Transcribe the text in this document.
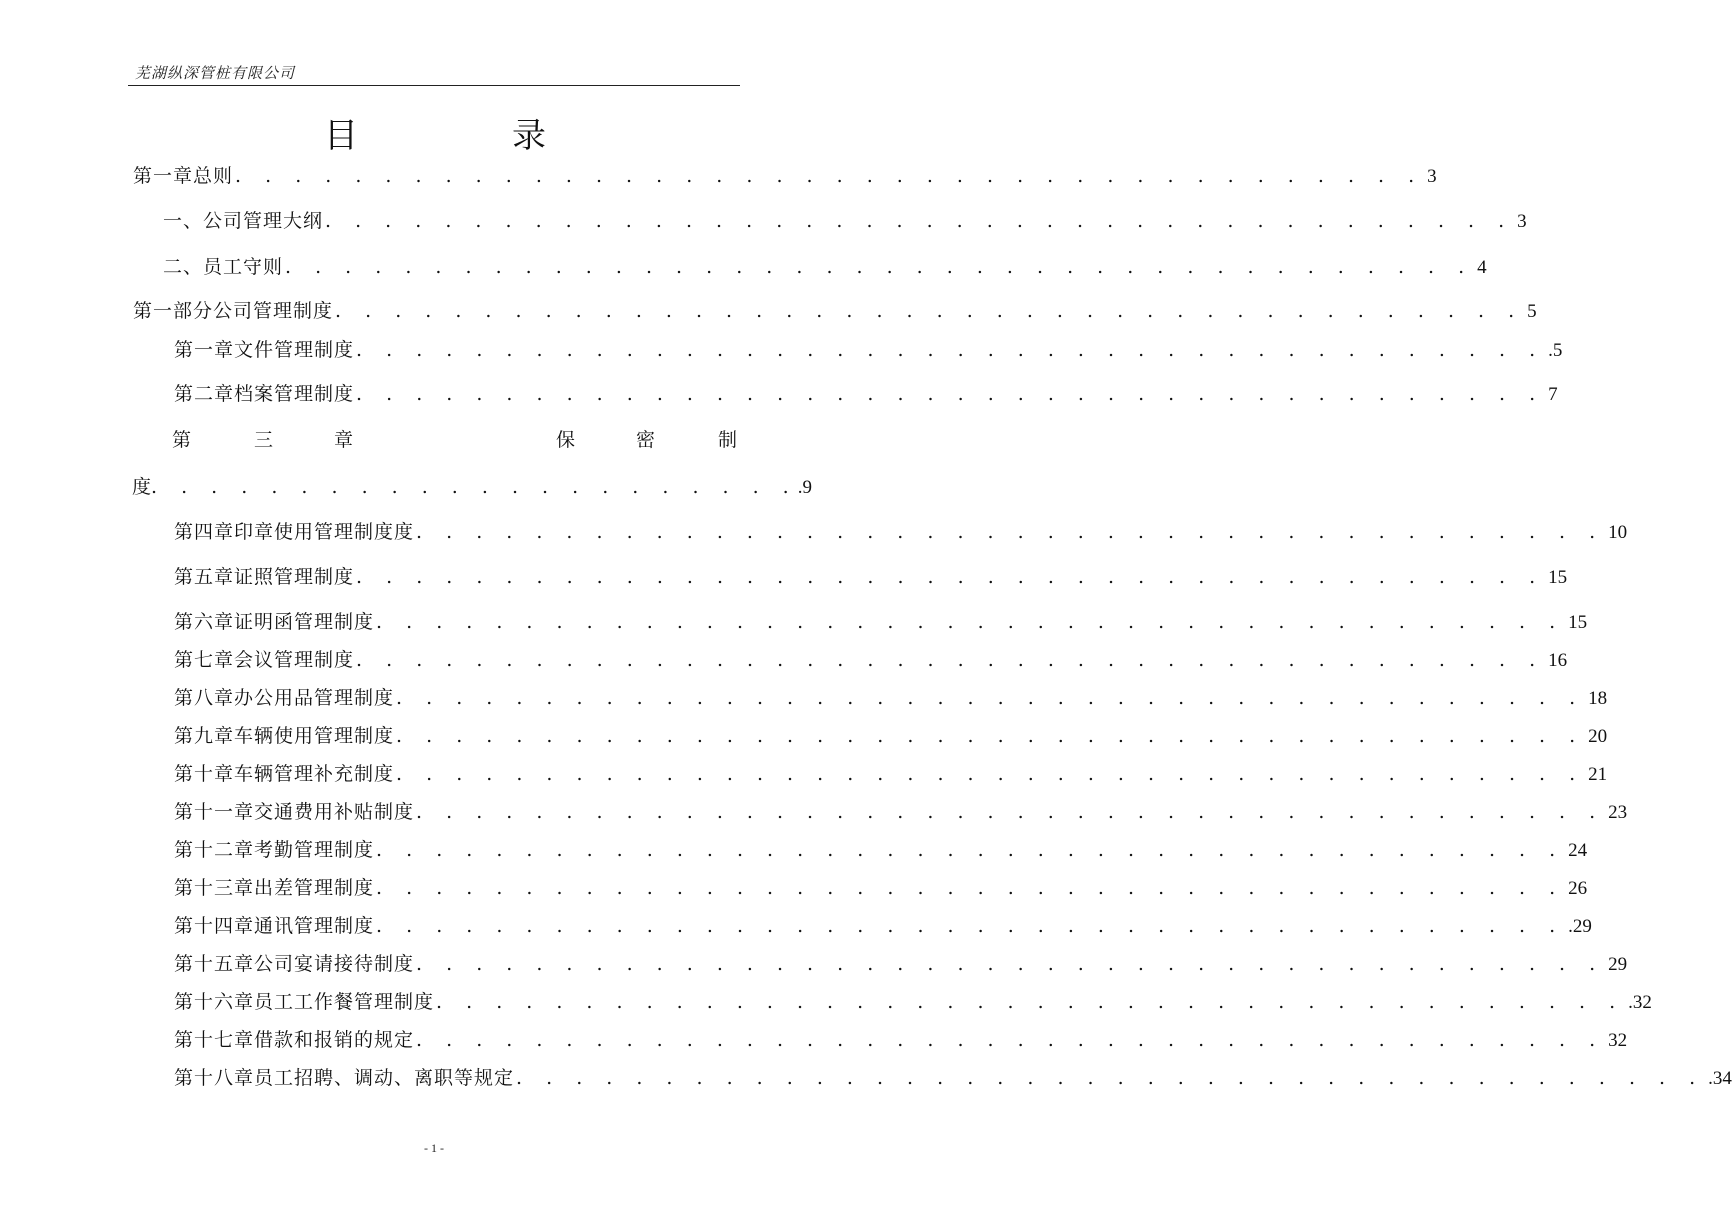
芜湖纵深管桩有限公司
目	录
第一章 总则 . . . . . . . . . . . . . . . . . . . . . . . . . . . . . . . . . . . . . . . . 3
一、公司管理大纲 . . . . . . . . . . . . . . . . . . . . . . . . . . . . . . . . . . . . . . . . 3
二、员工守则 . . . . . . . . . . . . . . . . . . . . . . . . . . . . . . . . . . . . . . . . 4
第一部分 公司管理制度 . . . . . . . . . . . . . . . . . . . . . . . . . . . . . . . . . . . . . . . . 5
第一章 文件管理制度 . . . . . . . . . . . . . . . . . . . . . . . . . . . . . . . . . . . . . . . . .5
第二章 档案管理制度 . . . . . . . . . . . . . . . . . . . . . . . . . . . . . . . . . . . . . . . . 7
第	三	章	保	密	制
度. . . . . . . . . . . . . . . . . . . . . ..9
第四章 印章使用管理制度度 . . . . . . . . . . . . . . . . . . . . . . . . . . . . . . . . . . . . . . . . 10
第五章 证照管理制度 . . . . . . . . . . . . . . . . . . . . . . . . . . . . . . . . . . . . . . . . 15
第六章 证明函管理制度 . . . . . . . . . . . . . . . . . . . . . . . . . . . . . . . . . . . . . . . . 15
第七章 会议管理制度 . . . . . . . . . . . . . . . . . . . . . . . . . . . . . . . . . . . . . . . . 16
第八章 办公用品管理制度 . . . . . . . . . . . . . . . . . . . . . . . . . . . . . . . . . . . . . . . . 18
第九章 车辆使用管理制度 . . . . . . . . . . . . . . . . . . . . . . . . . . . . . . . . . . . . . . . . 20
第十章 车辆管理补充制度 . . . . . . . . . . . . . . . . . . . . . . . . . . . . . . . . . . . . . . . . 21
第十一章 交通费用补贴制度 . . . . . . . . . . . . . . . . . . . . . . . . . . . . . . . . . . . . . . . . 23
第十二章 考勤管理制度 . . . . . . . . . . . . . . . . . . . . . . . . . . . . . . . . . . . . . . . . 24
第十三章 出差管理制度 . . . . . . . . . . . . . . . . . . . . . . . . . . . . . . . . . . . . . . . . 26
第十四章 通讯管理制度 . . . . . . . . . . . . . . . . . . . . . . . . . . . . . . . . . . . . . . . . .29
第十五章 公司宴请接待制度 . . . . . . . . . . . . . . . . . . . . . . . . . . . . . . . . . . . . . . . . 29
第十六章 员工工作餐管理制度 . . . . . . . . . . . . . . . . . . . . . . . . . . . . . . . . . . . . . . . . .32
第十七章 借款和报销的规定 . . . . . . . . . . . . . . . . . . . . . . . . . . . . . . . . . . . . . . . . 32
第十八章 员工招聘、调动、离职等规定 . . . . . . . . . . . . . . . . . . . . . . . . . . . . . . . . . . . . . . . . .34
- 1 -
